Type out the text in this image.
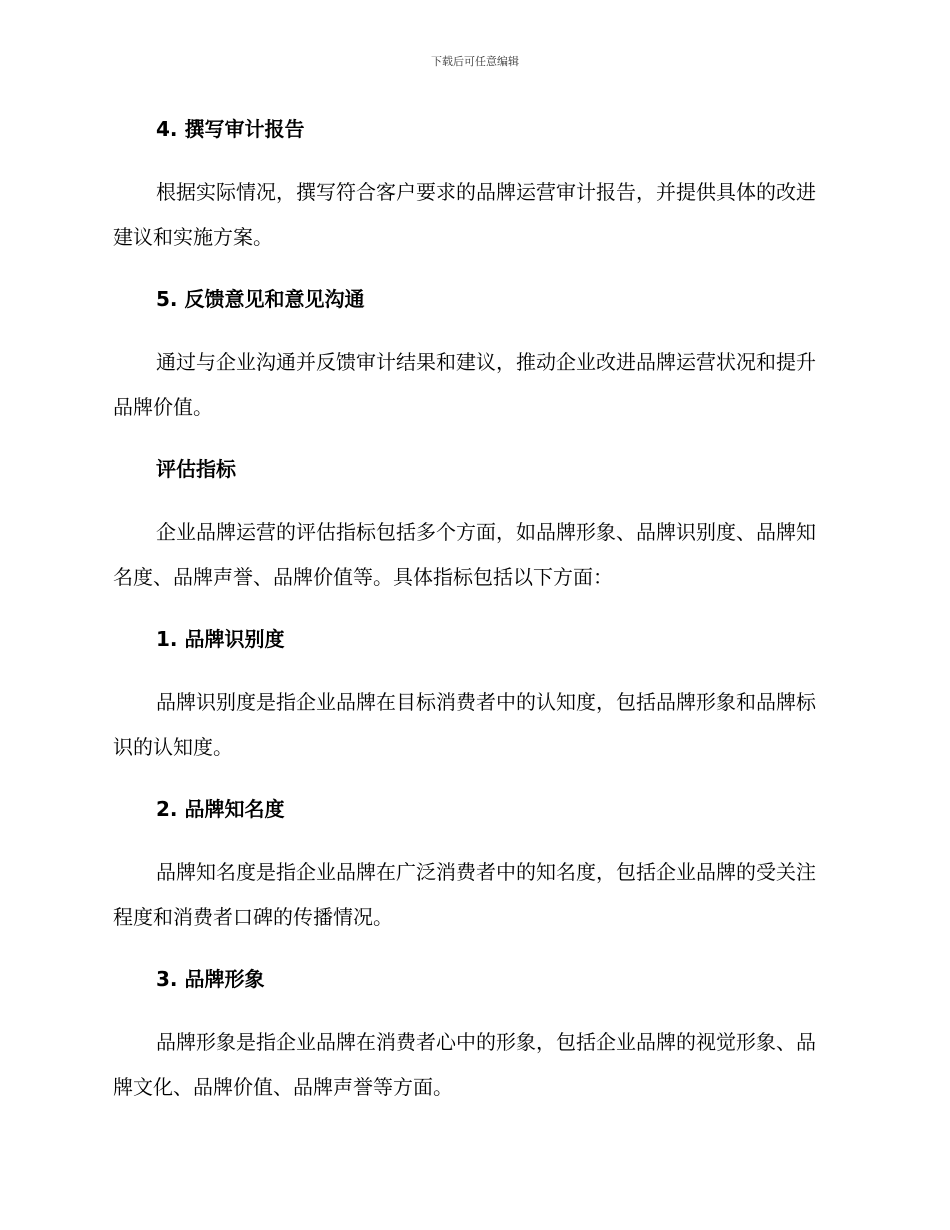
下载后可任意编辑
4. 撰写审计报告

根据实际情况，撰写符合客户要求的品牌运营审计报告，并提供具体的改进建议和实施方案。

5. 反馈意见和意见沟通

通过与企业沟通并反馈审计结果和建议，推动企业改进品牌运营状况和提升品牌价值。

评估指标

企业品牌运营的评估指标包括多个方面，如品牌形象、品牌识别度、品牌知名度、品牌声誉、品牌价值等。具体指标包括以下方面：

1. 品牌识别度

品牌识别度是指企业品牌在目标消费者中的认知度，包括品牌形象和品牌标识的认知度。

2. 品牌知名度

品牌知名度是指企业品牌在广泛消费者中的知名度，包括企业品牌的受关注程度和消费者口碑的传播情况。

3. 品牌形象

品牌形象是指企业品牌在消费者心中的形象，包括企业品牌的视觉形象、品牌文化、品牌价值、品牌声誉等方面。
